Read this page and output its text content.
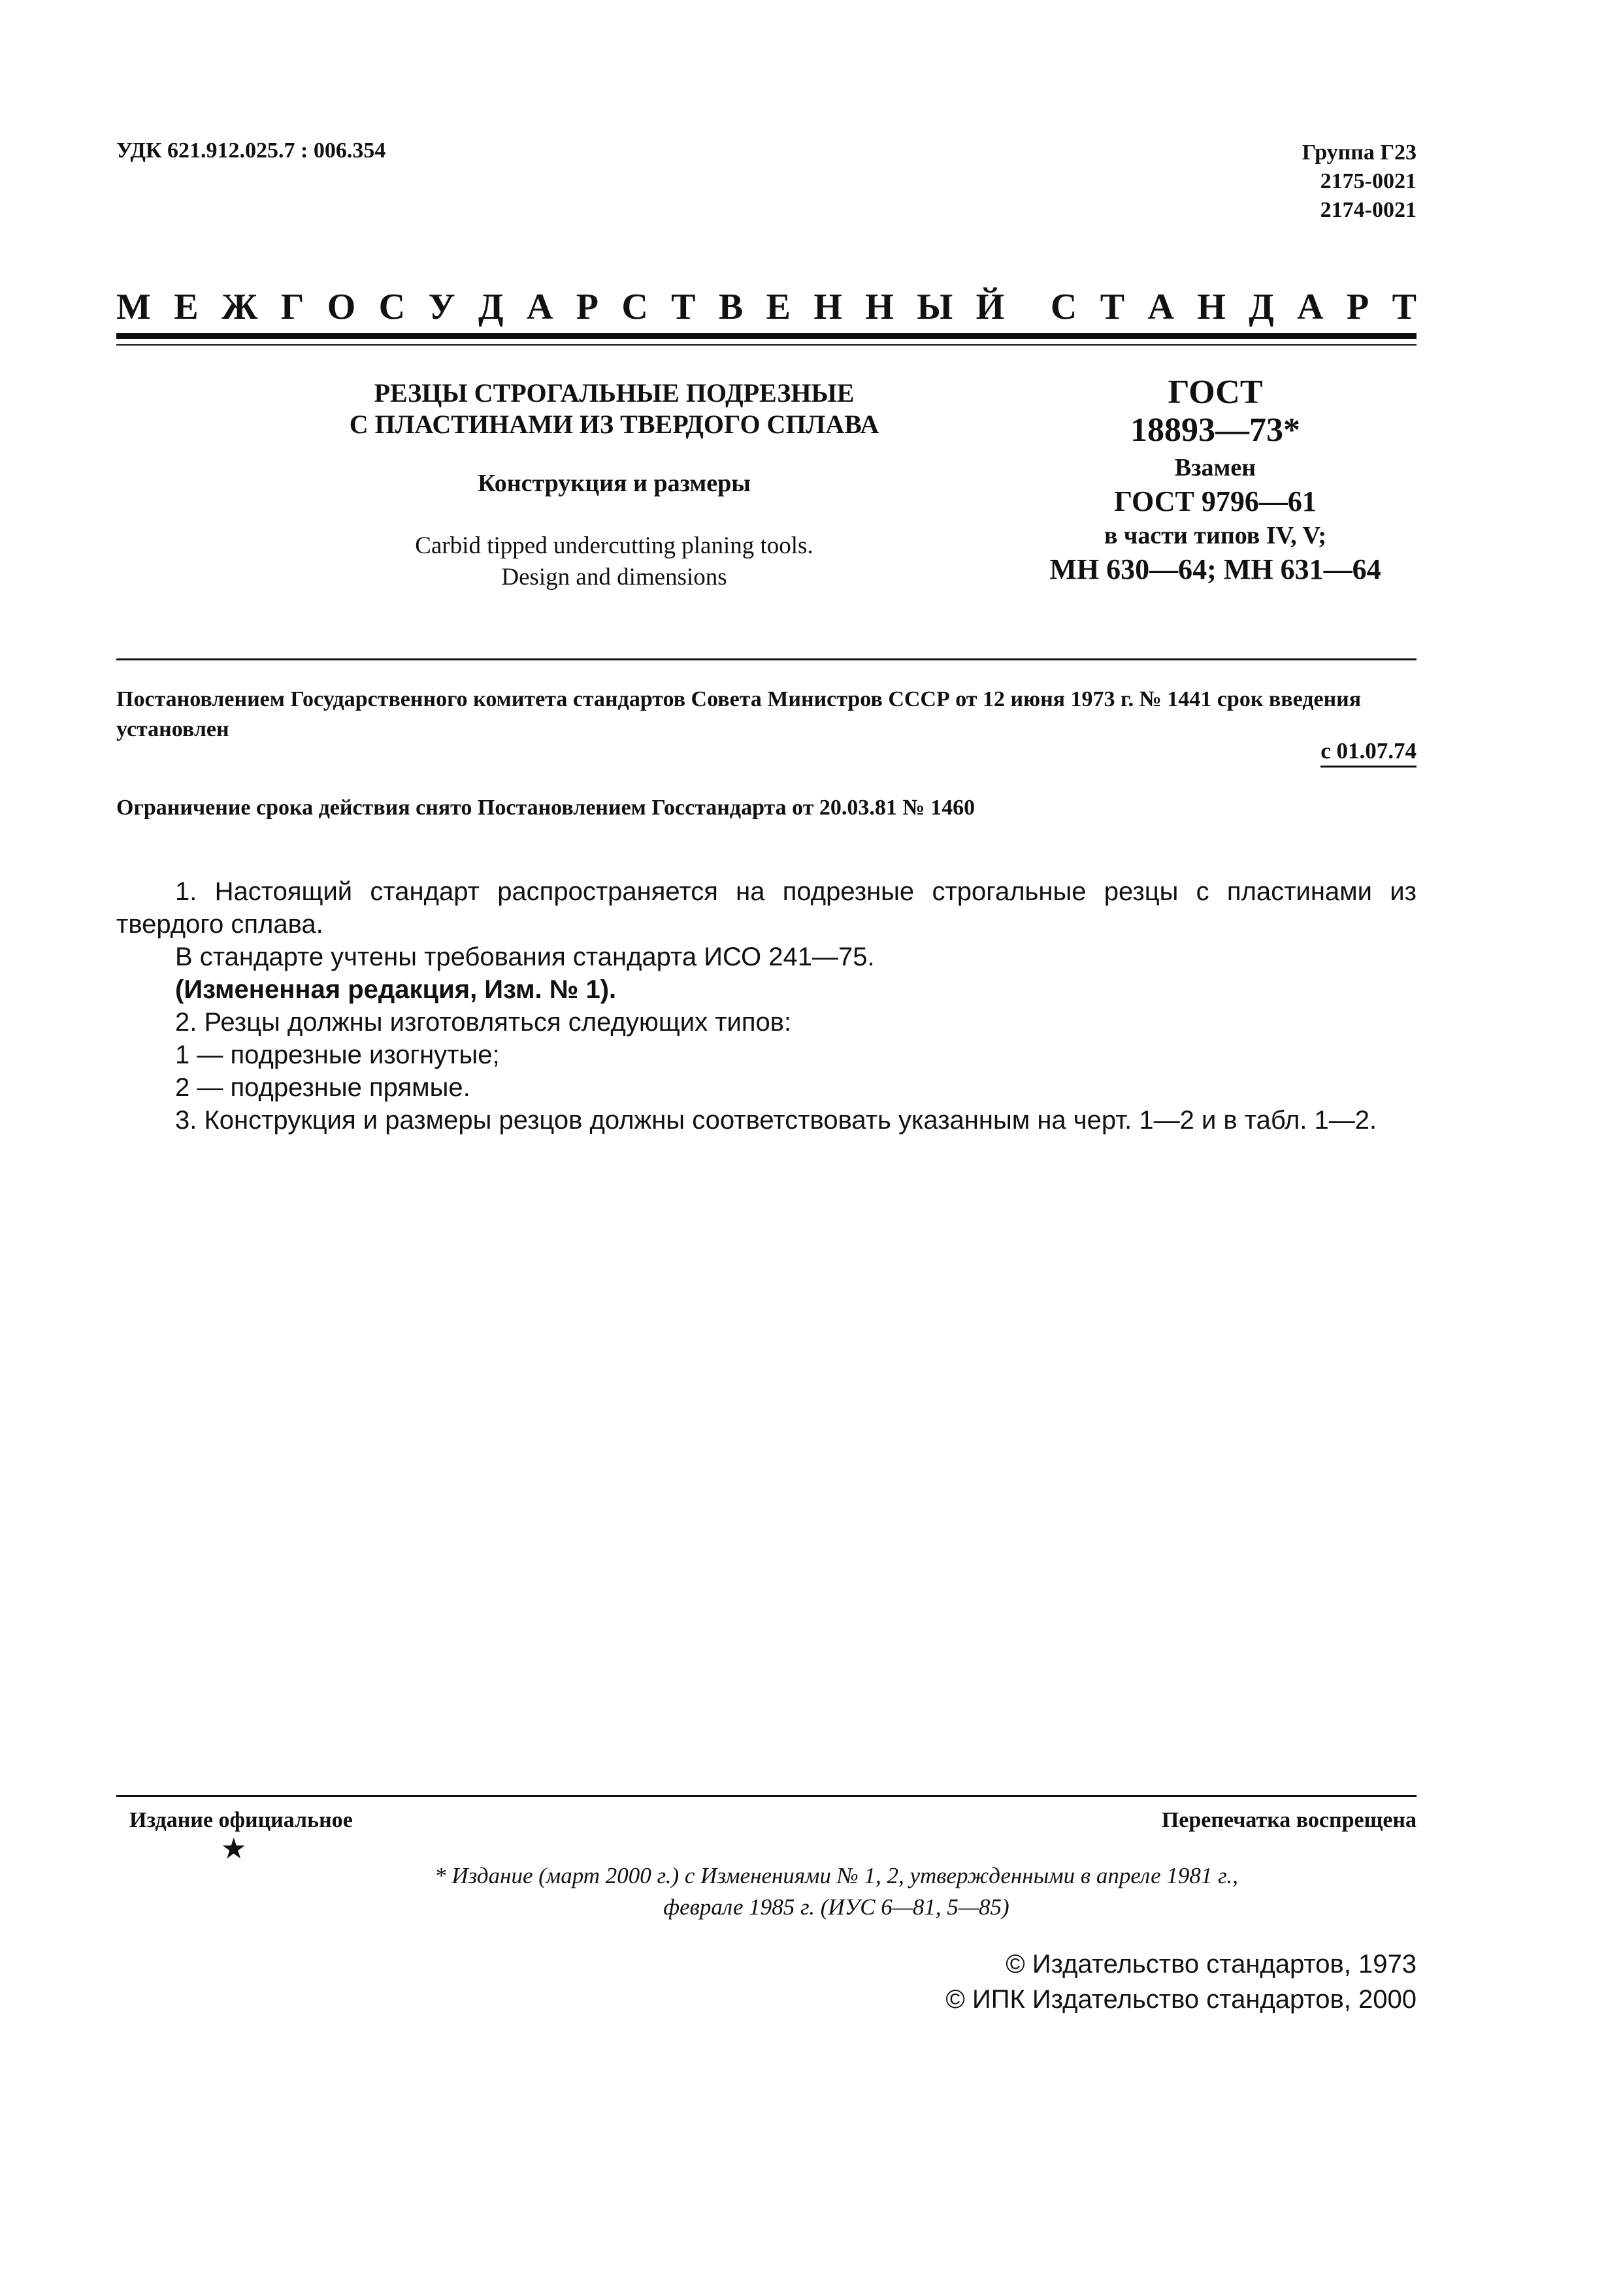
УДК 621.912.025.7 : 006.354	Группа Г23
2175-0021
2174-0021
М Е Ж Г О С У Д А Р С Т В Е Н Н Ы Й С Т А Н Д А Р Т
РЕЗЦЫ СТРОГАЛЬНЫЕ ПОДРЕЗНЫЕ
С ПЛАСТИНАМИ ИЗ ТВЕРДОГО СПЛАВА
Конструкция и размеры
Carbid tipped undercutting planing tools.
Design and dimensions
ГОСТ
18893—73*
Взамен
ГОСТ 9796—61
в части типов IV, V;
МН 630—64; МН 631—64
Постановлением Государственного комитета стандартов Совета Министров СССР от 12 июня 1973 г. № 1441 срок введения установлен
с 01.07.74
Ограничение срока действия снято Постановлением Госстандарта от 20.03.81 № 1460

1. Настоящий стандарт распространяется на подрезные строгальные резцы с пластинами из твердого сплава.

В стандарте учтены требования стандарта ИСО 241—75.

(Измененная редакция, Изм. № 1).

2. Резцы должны изготовляться следующих типов:

1 — подрезные изогнутые;

2 — подрезные прямые.

3. Конструкция и размеры резцов должны соответствовать указанным на черт. 1—2 и в табл. 1—2.

Издание официальное	Перепечатка воспрещена
★
* Издание (март 2000 г.) с Изменениями № 1, 2, утвержденными в апреле 1981 г.,
феврале 1985 г. (ИУС 6—81, 5—85)
© Издательство стандартов, 1973
© ИПК Издательство стандартов, 2000
